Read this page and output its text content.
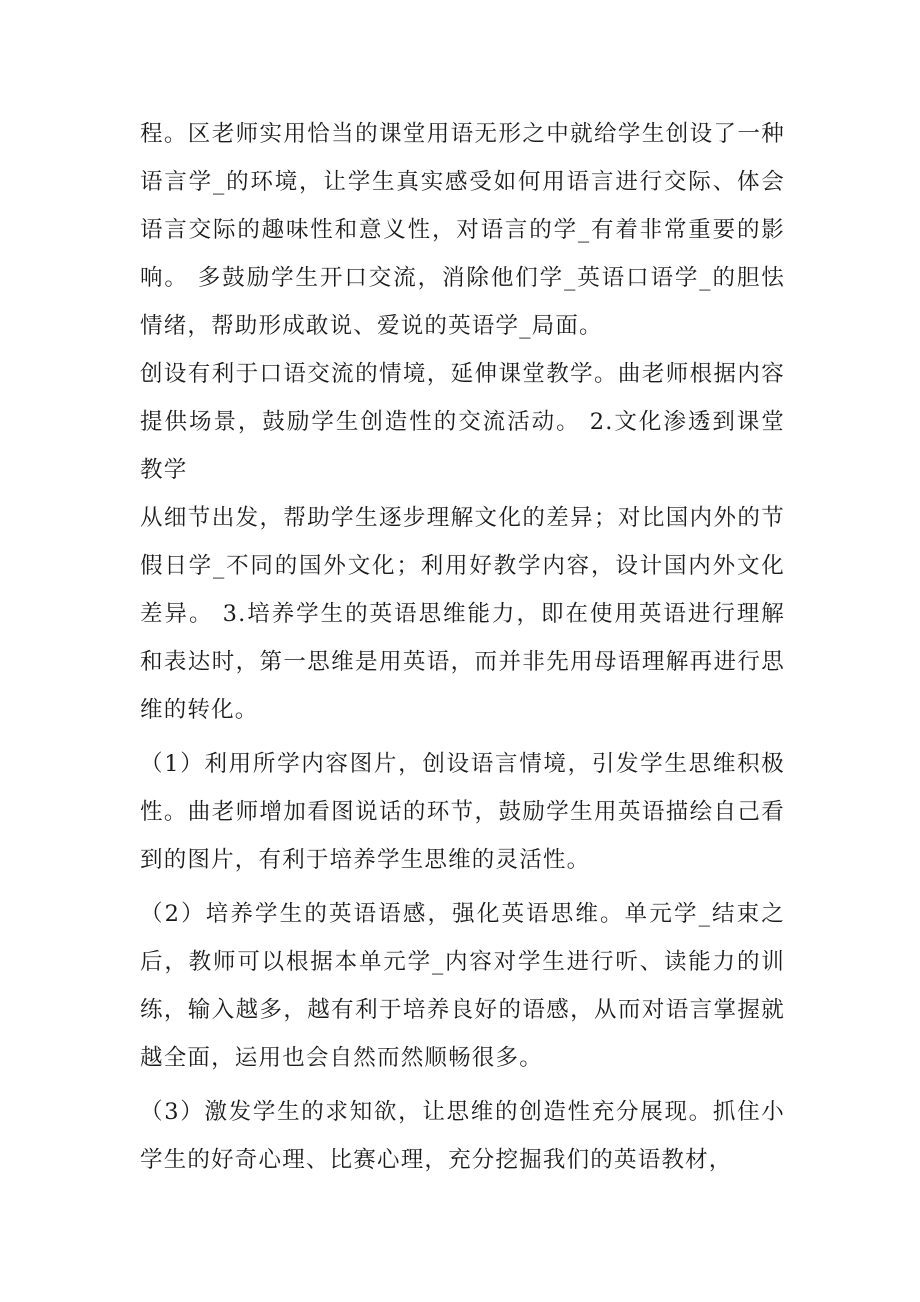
程。区老师实用恰当的课堂用语无形之中就给学生创设了一种语言学_的环境，让学生真实感受如何用语言进行交际、体会语言交际的趣味性和意义性，对语言的学_有着非常重要的影响。 多鼓励学生开口交流，消除他们学_英语口语学_的胆怯情绪，帮助形成敢说、爱说的英语学_局面。

创设有利于口语交流的情境，延伸课堂教学。曲老师根据内容提供场景，鼓励学生创造性的交流活动。 2.文化渗透到课堂教学

从细节出发，帮助学生逐步理解文化的差异；对比国内外的节假日学_不同的国外文化；利用好教学内容，设计国内外文化差异。 3.培养学生的英语思维能力，即在使用英语进行理解和表达时，第一思维是用英语，而并非先用母语理解再进行思维的转化。

（1）利用所学内容图片，创设语言情境，引发学生思维积极性。曲老师增加看图说话的环节，鼓励学生用英语描绘自己看到的图片，有利于培养学生思维的灵活性。

（2）培养学生的英语语感，强化英语思维。单元学_结束之后，教师可以根据本单元学_内容对学生进行听、读能力的训练，输入越多，越有利于培养良好的语感，从而对语言掌握就越全面，运用也会自然而然顺畅很多。

（3）激发学生的求知欲，让思维的创造性充分展现。抓住小学生的好奇心理、比赛心理，充分挖掘我们的英语教材，
